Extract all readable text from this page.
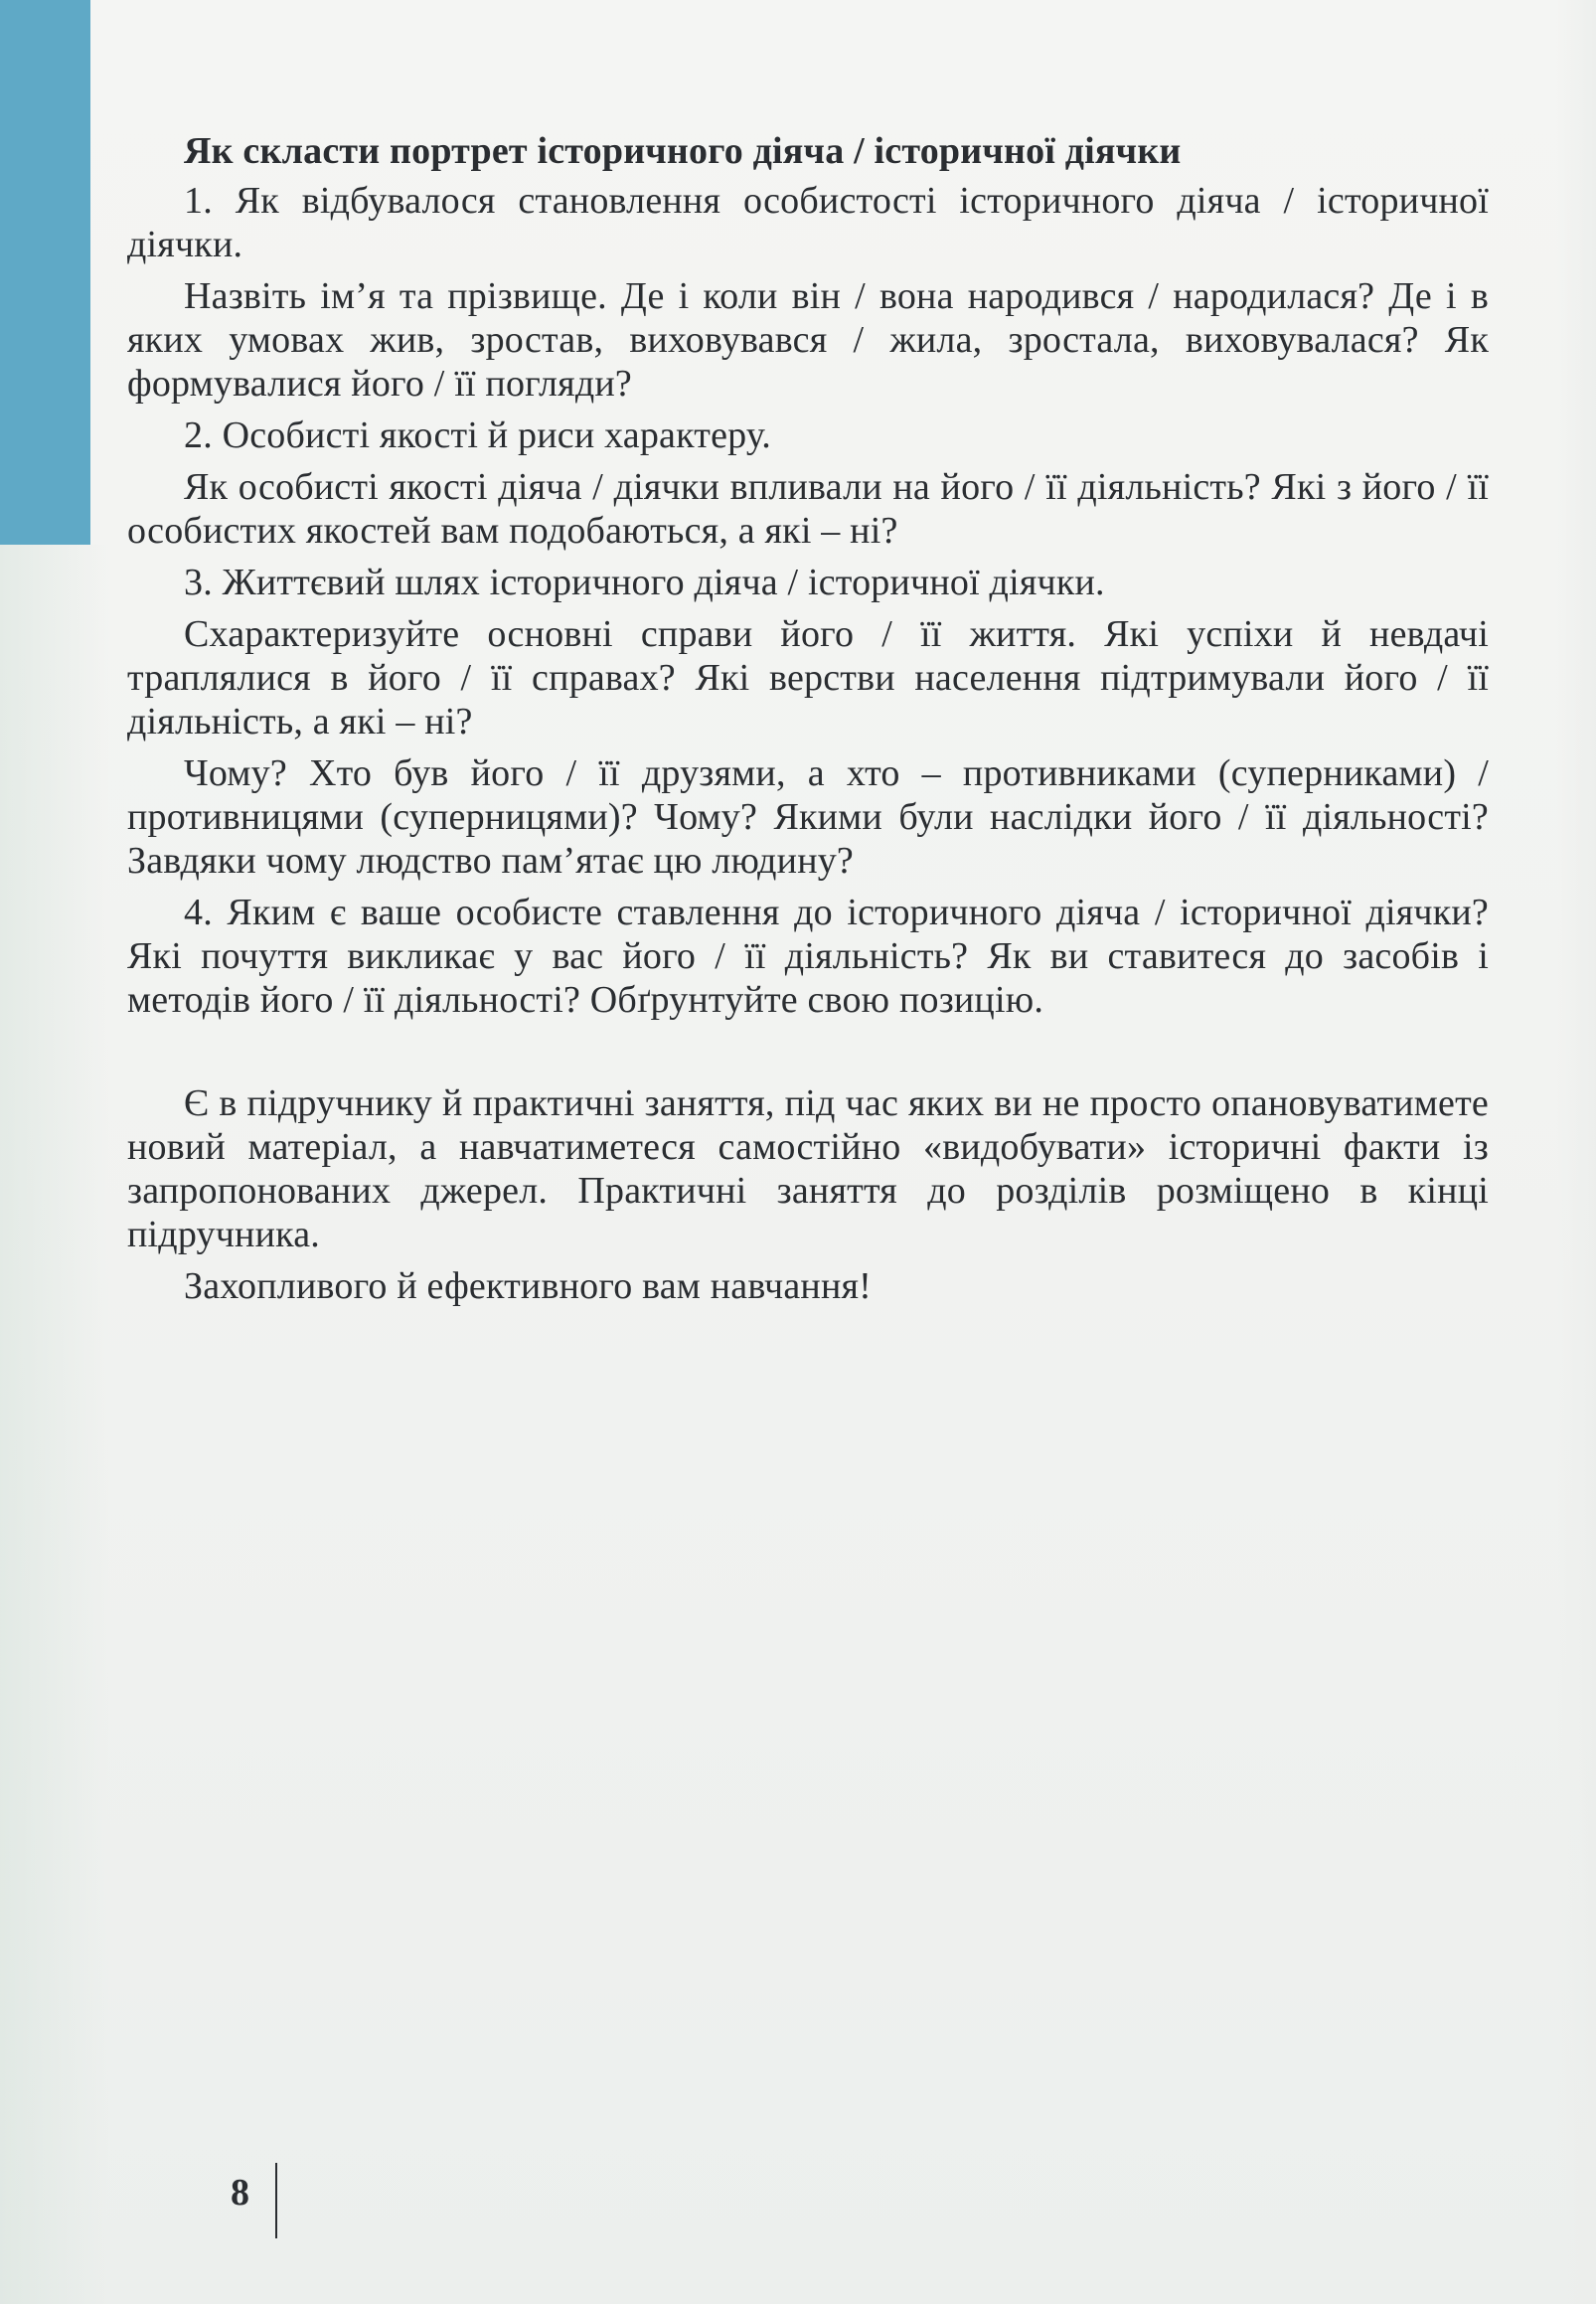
Як скласти портрет історичного діяча / історичної діячки

1. Як відбувалося становлення особистості історичного діяча / історичної діячки.

Назвіть ім’я та прізвище. Де і коли він / вона народився / народилася? Де і в яких умовах жив, зростав, виховувався / жила, зростала, виховувалася? Як формувалися його / її погляди?

2. Особисті якості й риси характеру.

Як особисті якості діяча / діячки впливали на його / її діяльність? Які з його / її особистих якостей вам подобаються, а які – ні?

3. Життєвий шлях історичного діяча / історичної діячки.

Схарактеризуйте основні справи його / її життя. Які успіхи й невдачі траплялися в його / її справах? Які верстви населення підтримували його / її діяльність, а які – ні?

Чому? Хто був його / її друзями, а хто – противниками (суперниками) / противницями (суперницями)? Чому? Якими були наслідки його / її діяльності? Завдяки чому людство пам’ятає цю людину?

4. Яким є ваше особисте ставлення до історичного діяча / історичної діячки? Які почуття викликає у вас його / її діяльність? Як ви ставитеся до засобів і методів його / її діяльності? Обґрунтуйте свою позицію.

Є в підручнику й практичні заняття, під час яких ви не просто опановуватимете новий матеріал, а навчатиметеся самостійно «видобувати» історичні факти із запропонованих джерел. Практичні заняття до розділів розміщено в кінці підручника.

Захопливого й ефективного вам навчання!

8
